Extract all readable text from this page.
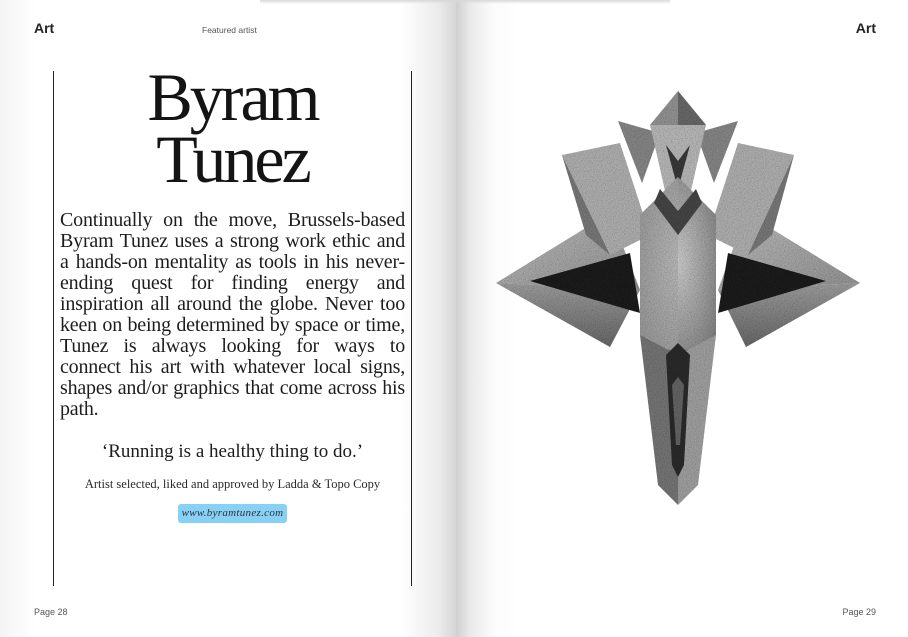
Art	Featured artist
Byram
Tunez

Continually on the move, Brussels-based Byram Tunez uses a strong work ethic and a hands-on mentality as tools in his never-ending quest for finding energy and inspiration all around the globe. Never too keen on being determined by space or time, Tunez is always looking for ways to connect his art with whatever local signs, shapes and/or graphics that come across his path.

‘Running is a healthy thing to do.’

Artist selected, liked and approved by Ladda & Topo Copy

www.byramtunez.com
Page 28
Art
Page 29
